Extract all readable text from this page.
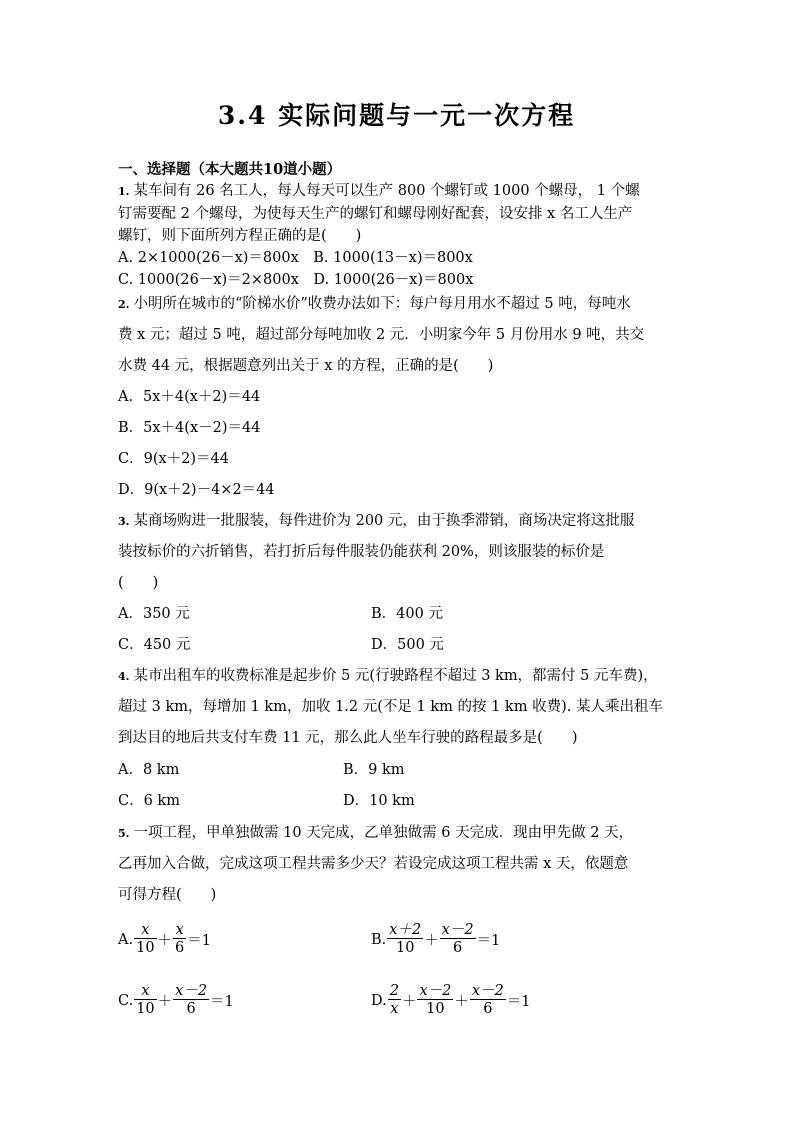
3.4 实际问题与一元一次方程
一、选择题（本大题共10道小题）
1. 某车间有 26 名工人，每人每天可以生产 800 个螺钉或 1000 个螺母， 1 个螺
钉需要配 2 个螺母，为使每天生产的螺钉和螺母刚好配套，设安排 x 名工人生产
螺钉，则下面所列方程正确的是(　　)
A. 2×1000(26－x)＝800x　B. 1000(13－x)＝800x
C. 1000(26－x)＝2×800x　D. 1000(26－x)＝800x
2. 小明所在城市的“阶梯水价”收费办法如下：每户每月用水不超过 5 吨，每吨水
费 x 元；超过 5 吨，超过部分每吨加收 2 元．小明家今年 5 月份用水 9 吨，共交
水费 44 元，根据题意列出关于 x 的方程，正确的是(　　)
A．5x＋4(x＋2)＝44
B．5x＋4(x－2)＝44
C．9(x＋2)＝44
D．9(x＋2)－4×2＝44
3. 某商场购进一批服装，每件进价为 200 元，由于换季滞销，商场决定将这批服
装按标价的六折销售，若打折后每件服装仍能获利 20%，则该服装的标价是
(　　)
A．350 元	B．400 元
C．450 元	D．500 元
4. 某市出租车的收费标准是起步价 5 元(行驶路程不超过 3 km，都需付 5 元车费)，
超过 3 km，每增加 1 km，加收 1.2 元(不足 1 km 的按 1 km 收费). 某人乘出租车
到达目的地后共支付车费 11 元，那么此人坐车行驶的路程最多是(　　)
A．8 km	B．9 km
C．6 km	D．10 km
5. 一项工程，甲单独做需 10 天完成，乙单独做需 6 天完成．现由甲先做 2 天，
乙再加入合做，完成这项工程共需多少天？若设完成这项工程共需 x 天，依题意
可得方程(　　)
A. $\frac{x}{10} + \frac{x}{6} =1$	B. $\frac{x+2}{10} + \frac{x-2}{6} =1$
C. $\frac{x}{10} + \frac{x-2}{6} =1$	D. $\frac{2}{x} + \frac{x-2}{10} + \frac{x-2}{6} =1$
